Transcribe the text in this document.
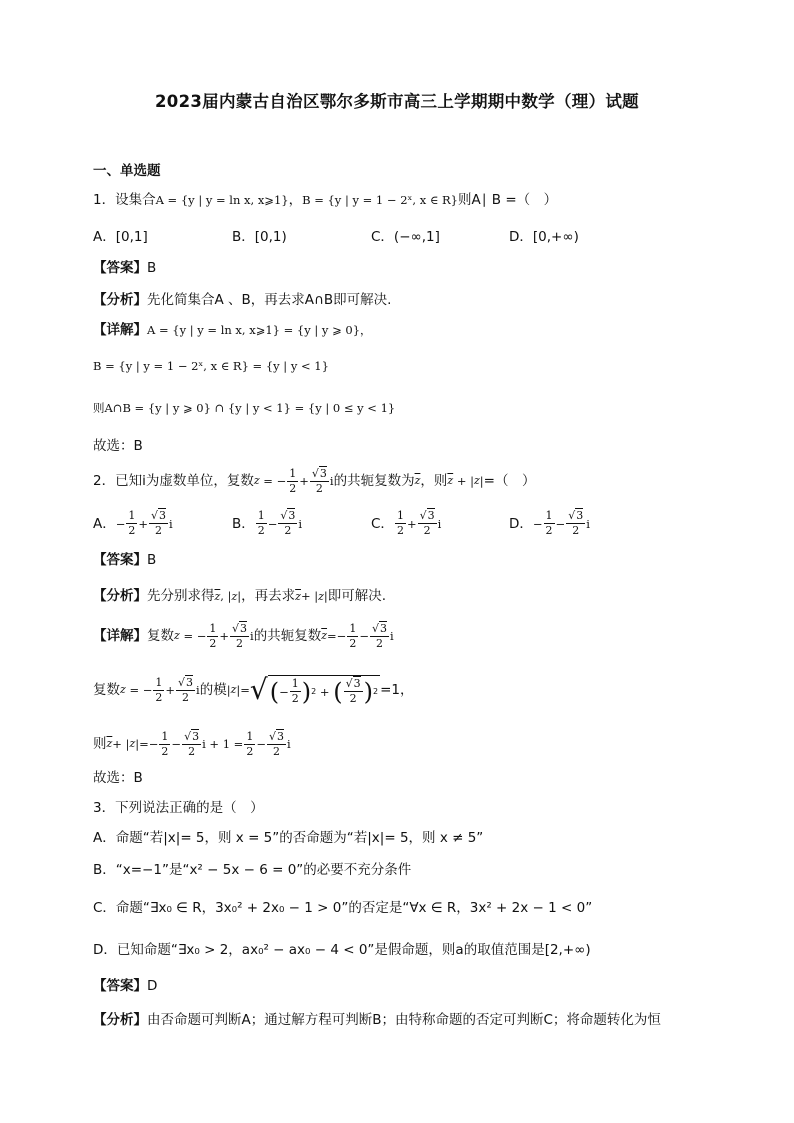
2023届内蒙古自治区鄂尔多斯市高三上学期期中数学（理）试题
一、单选题
1．设集合A = {y | y = ln x, x⩾1}，B = {y | y = 1 − 2ˣ, x ∈ R}则A∣ B =（　）
A．[0,1]	B．[0,1)	C．(−∞,1]	D．[0,+∞)
【答案】B
【分析】先化简集合A 、B，再去求A∩B即可解决.
【详解】A = {y | y = ln x, x⩾1} = {y | y ⩾ 0}，
B = {y | y = 1 − 2ˣ, x ∈ R} = {y | y < 1}
则A∩B = {y | y ⩾ 0} ∩ {y | y < 1} = {y | 0 ≤ y < 1}
故选：B
2．已知i为虚数单位，复数 z = − $\frac{1}{2}$ + √ $\frac{3}{2}$ i 的共轭复数为 $\overline{z}$ ，则 $\overline{z}$ + | z | =（　）
A． − $\frac{1}{2}$ + √ $\frac{3}{2}$ i	B． $\frac{1}{2}$ − √ $\frac{3}{2}$ i	C． $\frac{1}{2}$ + √ $\frac{3}{2}$ i	D． − $\frac{1}{2}$ − √ $\frac{3}{2}$ i
【答案】B
【分析】先分别求得$\overline{z}$, |z|，再去求$\overline{z}+ |z|$即可解决.
【详解】 复数 z = − $\frac{1}{2}$ + √ $\frac{3}{2}$ i 的共轭复数 $\overline{z} =- \frac{1}{2}$ − √ $\frac{3}{2}$ i
复数 z = − $\frac{1}{2}$ + √ $\frac{3}{2}$ i 的模 | z |= √ ( − $\frac{1}{2}$ ) 2 + ( √ $\frac{3}{2}$ ) 2 =1，
则 $\overline{z}$ + | z |=− $\frac{1}{2}$ − √ $\frac{3}{2}$ $i + 1 = \frac{1}{2}$ − √ $\frac{3}{2}$ i
故选：B
3．下列说法正确的是（　）
A．命题“若|x|= 5，则 x = 5”的否命题为“若|x|= 5，则 x ≠ 5”
B．“x=−1”是“x² − 5x − 6 = 0”的必要不充分条件
C．命题“∃x₀ ∈ R，3x₀² + 2x₀ − 1 > 0”的否定是“∀x ∈ R，3x² + 2x − 1 < 0”
D．已知命题“∃x₀ > 2，ax₀² − ax₀ − 4 < 0”是假命题，则a的取值范围是[2,+∞)
【答案】D
【分析】由否命题可判断A；通过解方程可判断B；由特称命题的否定可判断C；将命题转化为恒
